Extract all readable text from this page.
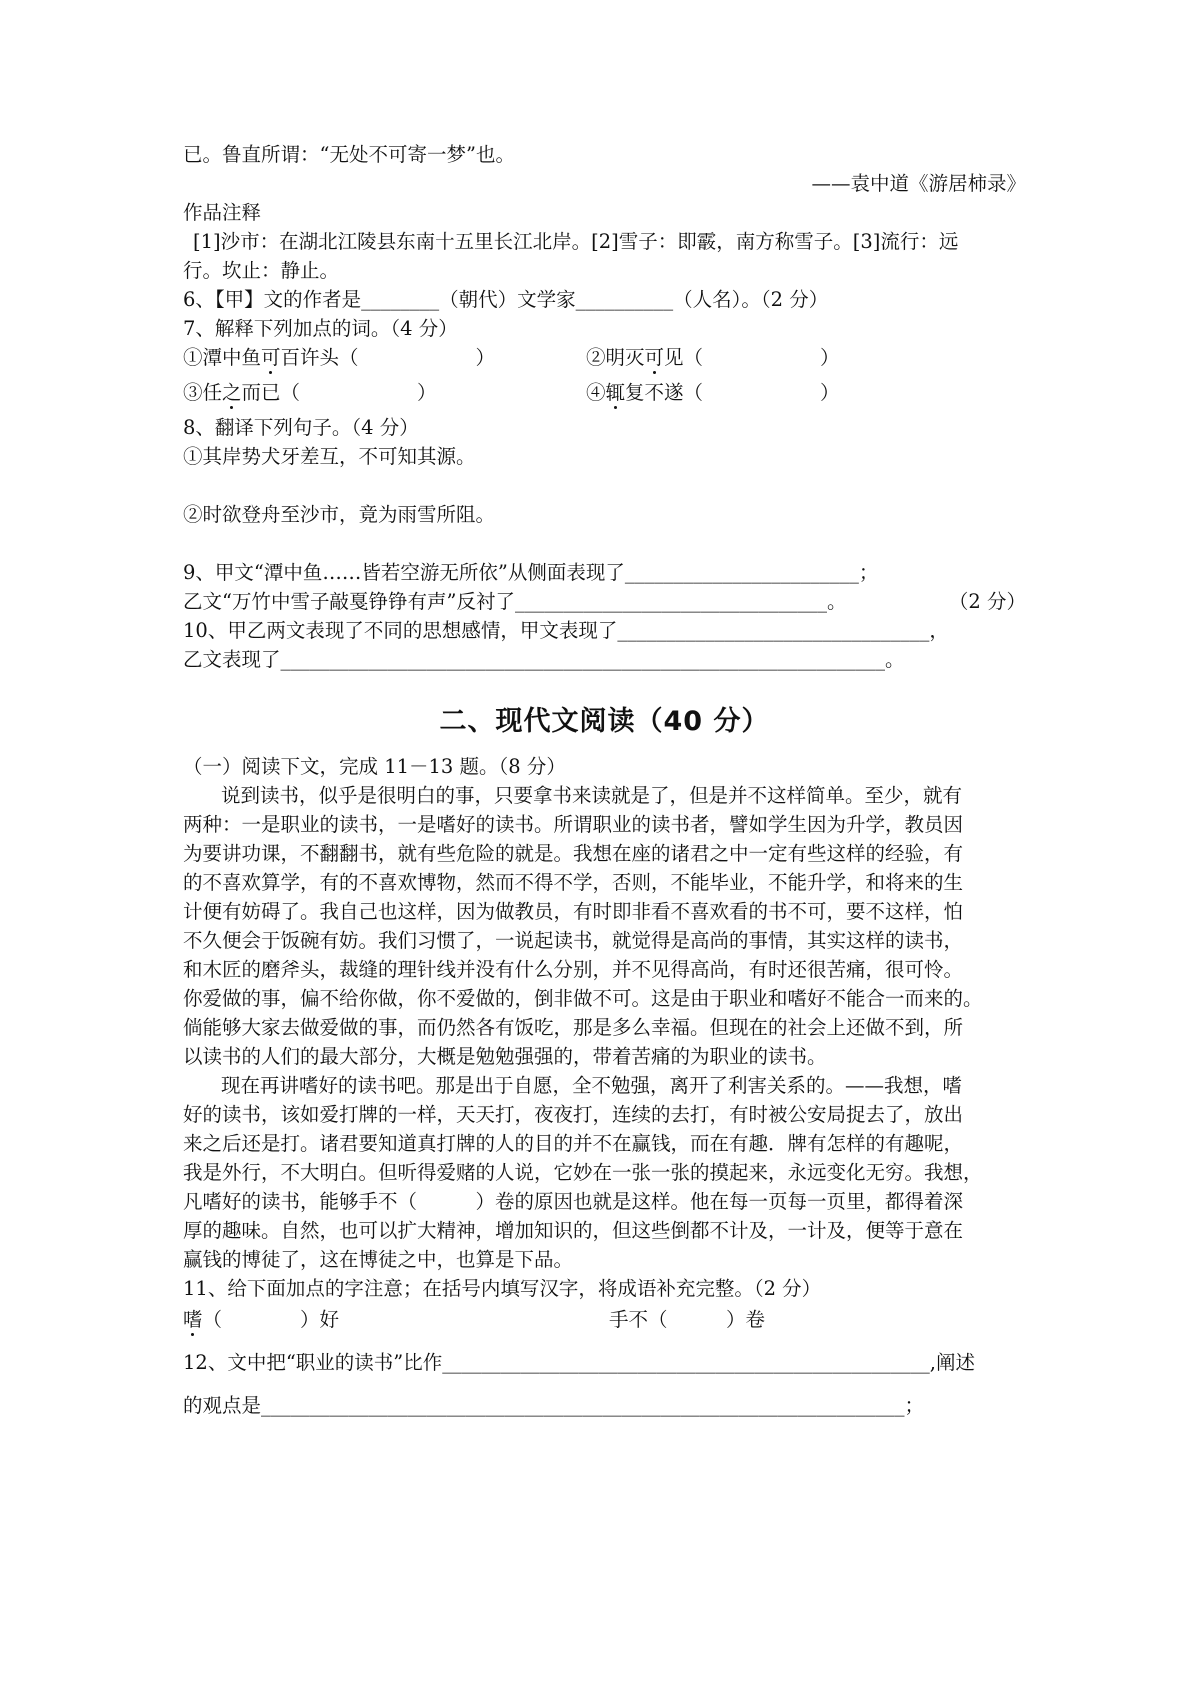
已。鲁直所谓：“无处不可寄一梦”也。
——袁中道《游居柿录》
作品注释
[1]沙市：在湖北江陵县东南十五里长江北岸。[2]雪子：即霰，南方称雪子。[3]流行：远
行。坎止：静止。
6、【甲】文的作者是________（朝代）文学家__________（人名）。（2 分）
7、解释下列加点的词。（4 分）
①潭中鱼可百许头（　　　　　　）	②明灭可见（　　　　　　）
③任之而已（　　　　　　）	④辄复不遂（　　　　　　）
8、翻译下列句子。（4 分）
①其岸势犬牙差互，不可知其源。
②时欲登舟至沙市，竟为雨雪所阻。
9、甲文“潭中鱼……皆若空游无所依”从侧面表现了________________________；
乙文“万竹中雪子敲戛铮铮有声”反衬了________________________________。	（2 分）
10、甲乙两文表现了不同的思想感情，甲文表现了________________________________，
乙文表现了______________________________________________________________。
二、现代文阅读（40 分）
（一）阅读下文，完成 11－13 题。（8 分）
说到读书，似乎是很明白的事，只要拿书来读就是了，但是并不这样简单。至少，就有
两种：一是职业的读书，一是嗜好的读书。所谓职业的读书者，譬如学生因为升学，教员因
为要讲功课，不翻翻书，就有些危险的就是。我想在座的诸君之中一定有些这样的经验，有
的不喜欢算学，有的不喜欢博物，然而不得不学，否则，不能毕业，不能升学，和将来的生
计便有妨碍了。我自己也这样，因为做教员，有时即非看不喜欢看的书不可，要不这样，怕
不久便会于饭碗有妨。我们习惯了，一说起读书，就觉得是高尚的事情，其实这样的读书，
和木匠的磨斧头，裁缝的理针线并没有什么分别，并不见得高尚，有时还很苦痛，很可怜。
你爱做的事，偏不给你做，你不爱做的，倒非做不可。这是由于职业和嗜好不能合一而来的。
倘能够大家去做爱做的事，而仍然各有饭吃，那是多么幸福。但现在的社会上还做不到，所
以读书的人们的最大部分，大概是勉勉强强的，带着苦痛的为职业的读书。
现在再讲嗜好的读书吧。那是出于自愿，全不勉强，离开了利害关系的。——我想，嗜
好的读书，该如爱打牌的一样，天天打，夜夜打，连续的去打，有时被公安局捉去了，放出
来之后还是打。诸君要知道真打牌的人的目的并不在赢钱，而在有趣．牌有怎样的有趣呢，
我是外行，不大明白。但听得爱赌的人说，它妙在一张一张的摸起来，永远变化无穷。我想，
凡嗜好的读书，能够手不（　　　）卷的原因也就是这样。他在每一页每一页里，都得着深
厚的趣味。自然，也可以扩大精神，增加知识的，但这些倒都不计及，一计及，便等于意在
赢钱的博徒了，这在博徒之中，也算是下品。
11、给下面加点的字注意；在括号内填写汉字，将成语补充完整。（2 分）
嗜（　　　　）好	手不（　　　）卷
12、文中把“职业的读书”比作__________________________________________________,阐述
的观点是__________________________________________________________________；
